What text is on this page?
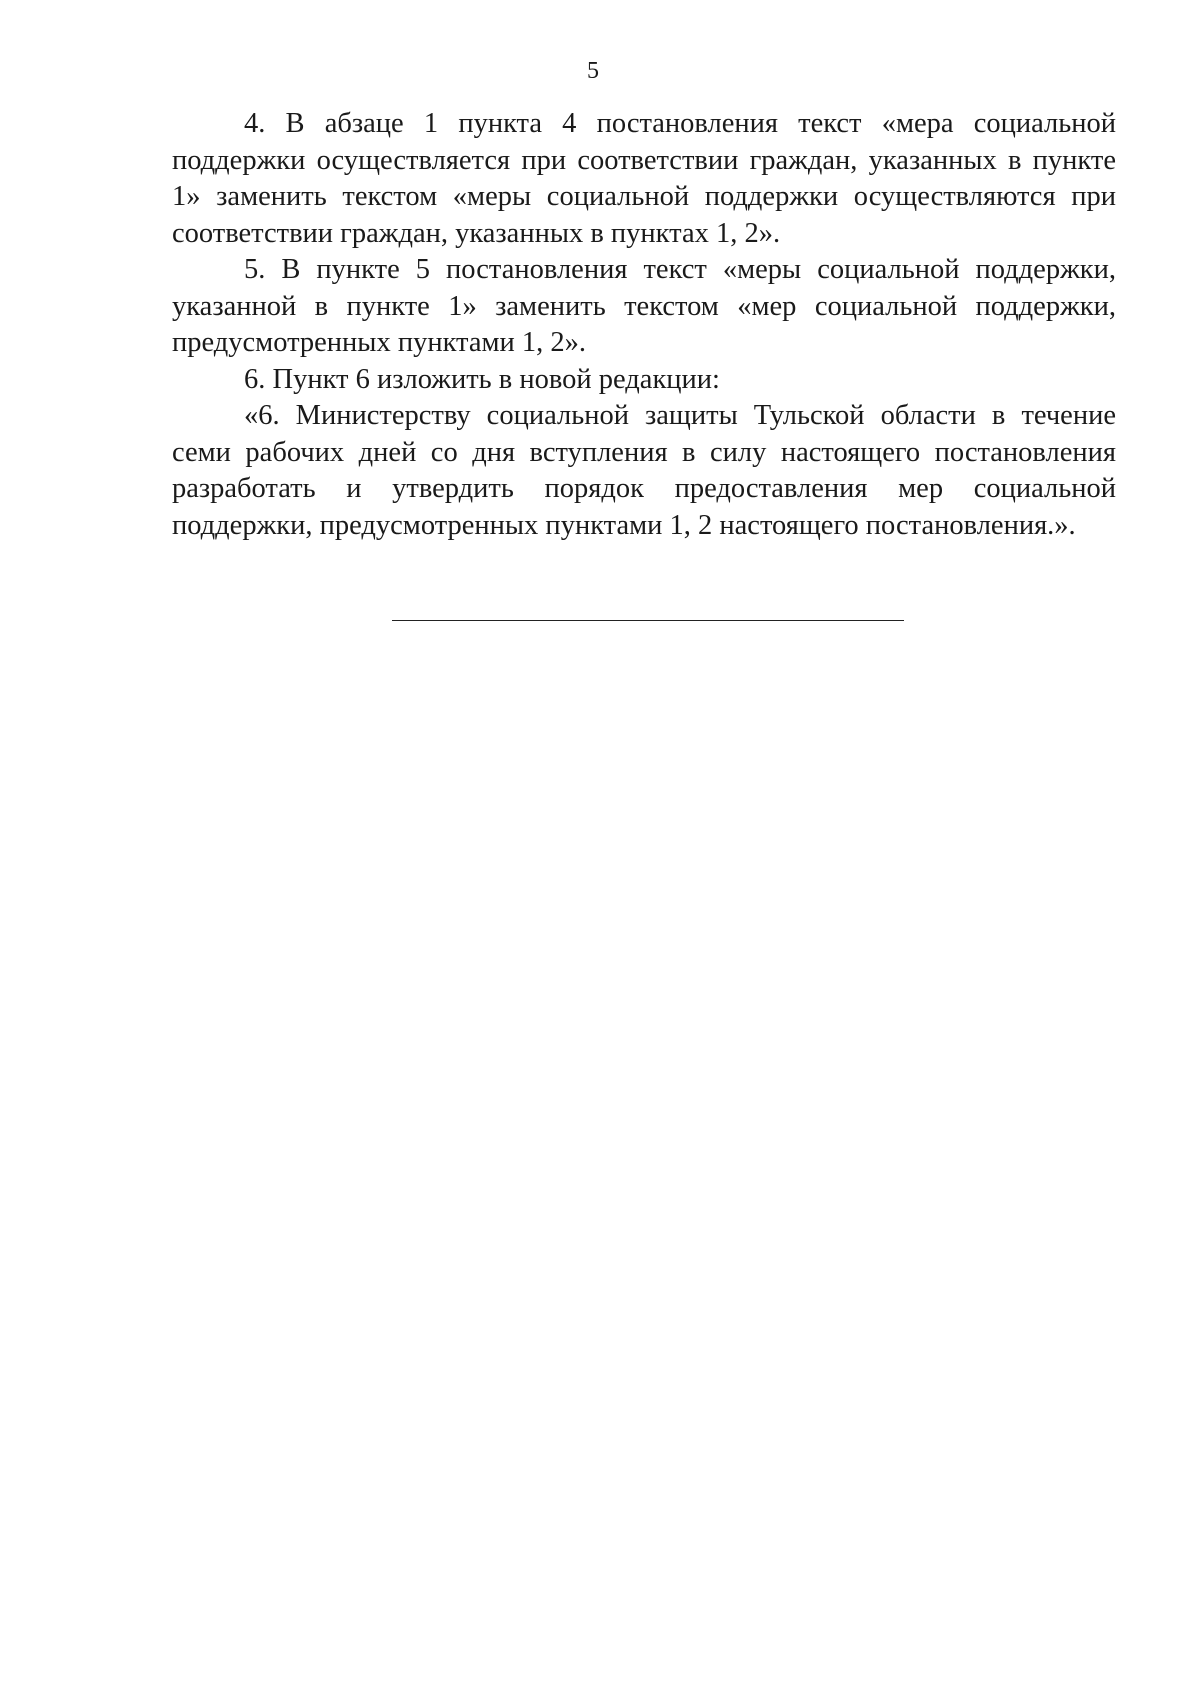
5

4. В абзаце 1 пункта 4 постановления текст «мера социальной поддержки осуществляется при соответствии граждан, указанных в пункте 1» заменить текстом «меры социальной поддержки осуществляются при соответствии граждан, указанных в пунктах 1, 2».

5. В пункте 5 постановления текст «меры социальной поддержки, указанной в пункте 1» заменить текстом «мер социальной поддержки, предусмотренных пунктами 1, 2».

6. Пункт 6 изложить в новой редакции:

«6. Министерству социальной защиты Тульской области в течение семи рабочих дней со дня вступления в силу настоящего постановления разработать и утвердить порядок предоставления мер социальной поддержки, предусмотренных пунктами 1, 2 настоящего постановления.».
